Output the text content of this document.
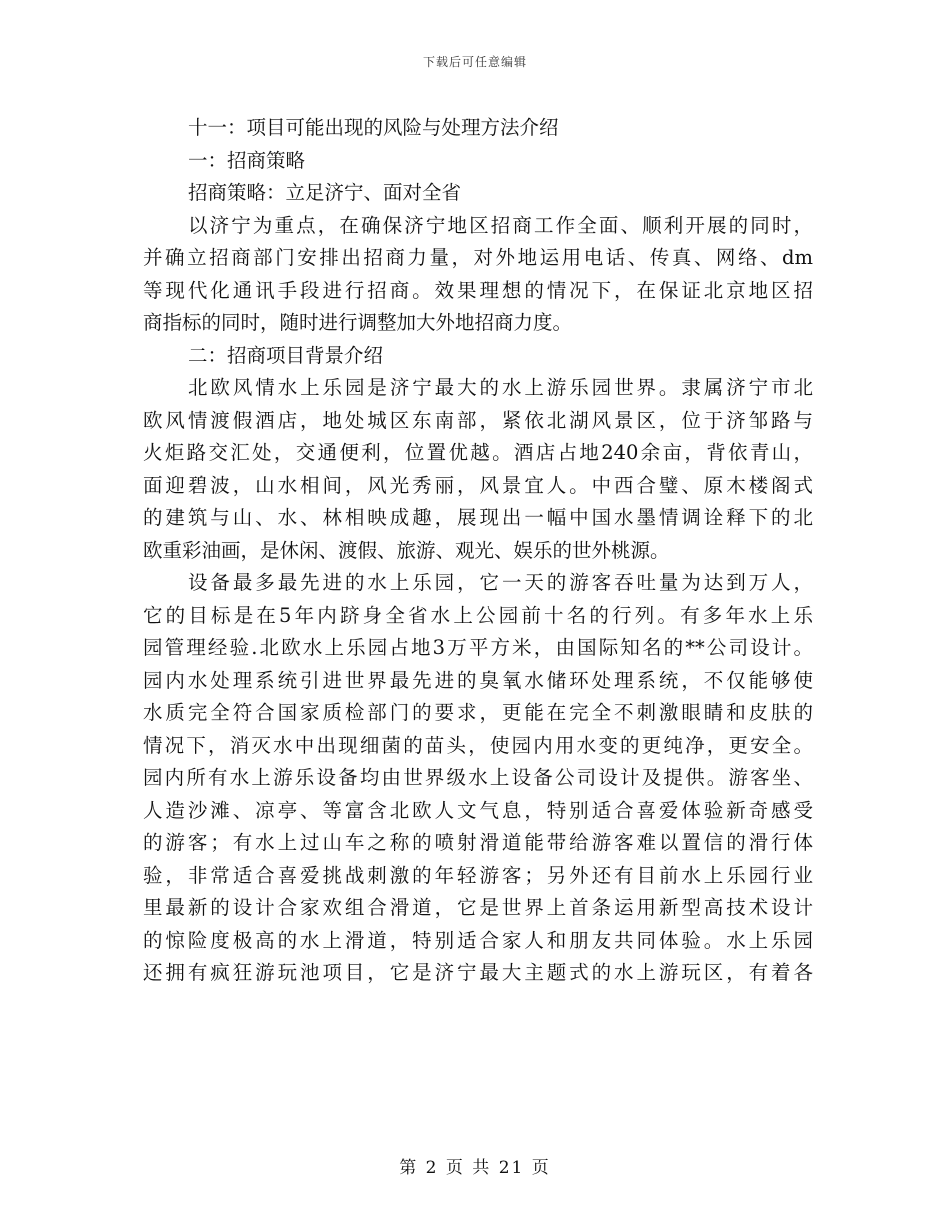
下载后可任意编辑
十一：项目可能出现的风险与处理方法介绍
一：招商策略
招商策略：立足济宁、面对全省
以济宁为重点，在确保济宁地区招商工作全面、顺利开展的同时，
并确立招商部门安排出招商力量，对外地运用电话、传真、网络、dm
等现代化通讯手段进行招商。效果理想的情况下，在保证北京地区招
商指标的同时，随时进行调整加大外地招商力度。
二：招商项目背景介绍
北欧风情水上乐园是济宁最大的水上游乐园世界。隶属济宁市北
欧风情渡假酒店，地处城区东南部，紧依北湖风景区，位于济邹路与
火炬路交汇处，交通便利，位置优越。酒店占地240余亩，背依青山，
面迎碧波，山水相间，风光秀丽，风景宜人。中西合璧、原木楼阁式
的建筑与山、水、林相映成趣，展现出一幅中国水墨情调诠释下的北
欧重彩油画，是休闲、渡假、旅游、观光、娱乐的世外桃源。
设备最多最先进的水上乐园，它一天的游客吞吐量为达到万人，
它的目标是在5年内跻身全省水上公园前十名的行列。有多年水上乐
园管理经验.北欧水上乐园占地3万平方米，由国际知名的**公司设计。
园内水处理系统引进世界最先进的臭氧水储环处理系统，不仅能够使
水质完全符合国家质检部门的要求，更能在完全不刺激眼睛和皮肤的
情况下，消灭水中出现细菌的苗头，使园内用水变的更纯净，更安全。
园内所有水上游乐设备均由世界级水上设备公司设计及提供。游客坐、
人造沙滩、凉亭、等富含北欧人文气息，特别适合喜爱体验新奇感受
的游客；有水上过山车之称的喷射滑道能带给游客难以置信的滑行体
验，非常适合喜爱挑战刺激的年轻游客；另外还有目前水上乐园行业
里最新的设计合家欢组合滑道，它是世界上首条运用新型高技术设计
的惊险度极高的水上滑道，特别适合家人和朋友共同体验。水上乐园
还拥有疯狂游玩池项目，它是济宁最大主题式的水上游玩区，有着各
第 2 页 共 21 页
